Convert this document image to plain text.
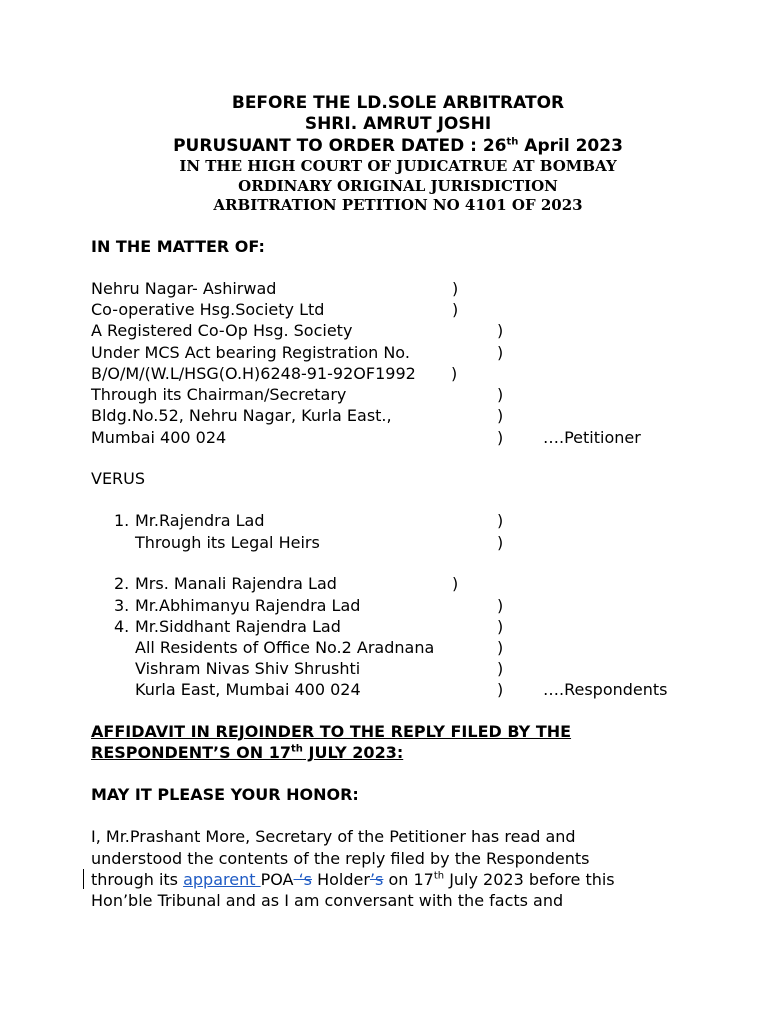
BEFORE THE LD.SOLE ARBITRATOR
SHRI. AMRUT JOSHI
PURUSUANT TO ORDER DATED : 26th April 2023
IN THE HIGH COURT OF JUDICATRUE AT BOMBAY
ORDINARY ORIGINAL JURISDICTION
ARBITRATION PETITION NO 4101 OF 2023
IN THE MATTER OF:
Nehru Nagar- Ashirwad	)
Co-operative Hsg.Society Ltd	)
A Registered Co-Op Hsg. Society	)
Under MCS Act bearing Registration No.	)
B/O/M/(W.L/HSG(O.H)6248-91-92OF1992 )
Through its Chairman/Secretary	)
Bldg.No.52, Nehru Nagar, Kurla East.,	)
Mumbai 400 024	) ….Petitioner
VERUS
1. Mr.Rajendra Lad	)
Through its Legal Heirs	)
2. Mrs. Manali Rajendra Lad	)
3. Mr.Abhimanyu Rajendra Lad	)
4. Mr.Siddhant Rajendra Lad	)
All Residents of Office No.2 Aradnana	)
Vishram Nivas Shiv Shrushti	)
Kurla East, Mumbai 400 024	) ….Respondents
AFFIDAVIT IN REJOINDER TO THE REPLY FILED BY THE
RESPONDENT’S ON 17th JULY 2023:
MAY IT PLEASE YOUR HONOR:
I, Mr.Prashant More, Secretary of the Petitioner has read and
understood the contents of the reply filed by the Respondents
through its apparent POA ‘s Holder’s on 17th July 2023 before this
Hon’ble Tribunal and as I am conversant with the facts and
